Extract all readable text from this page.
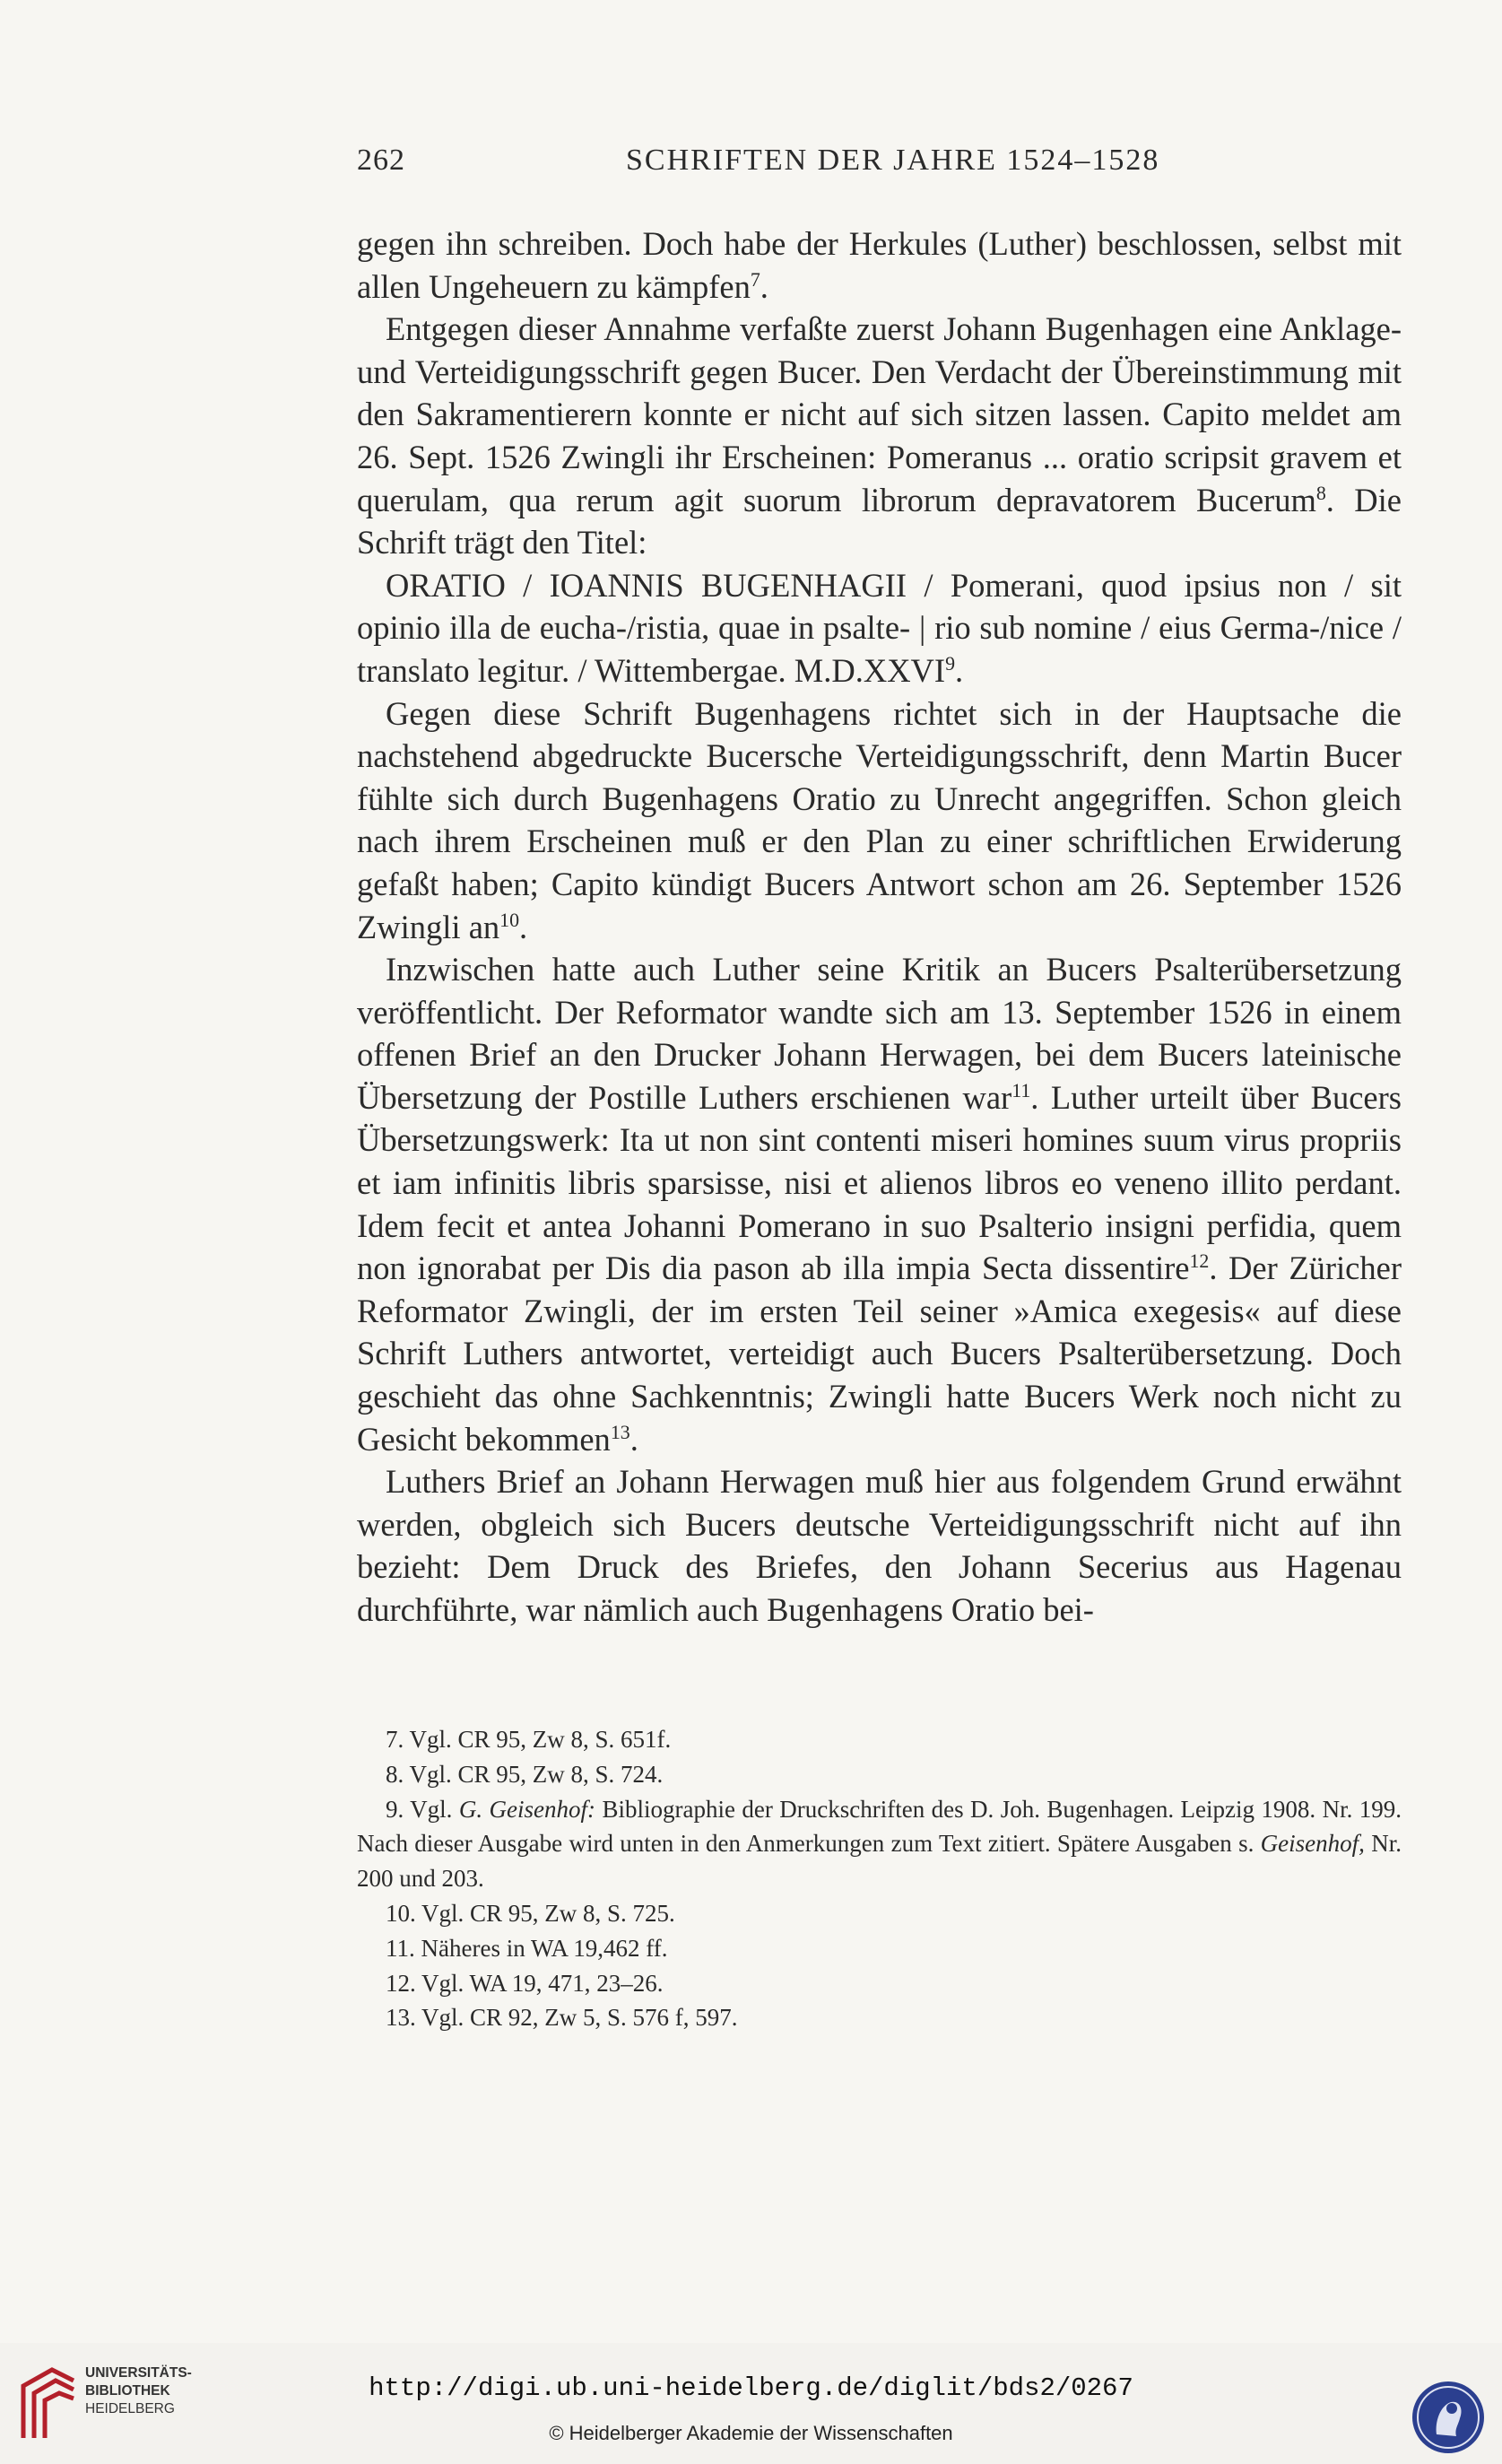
262	SCHRIFTEN DER JAHRE 1524–1528

gegen ihn schreiben. Doch habe der Herkules (Luther) beschlossen, selbst mit allen Ungeheuern zu kämpfen$^7$.

Entgegen dieser Annahme verfaßte zuerst Johann Bugenhagen eine Anklage- und Verteidigungsschrift gegen Bucer. Den Verdacht der Übereinstimmung mit den Sakramentierern konnte er nicht auf sich sitzen lassen. Capito meldet am 26. Sept. 1526 Zwingli ihr Erscheinen: Pomeranus ... oratio scripsit gravem et querulam, qua rerum agit suorum librorum depravatorem Bucerum$^8$. Die Schrift trägt den Titel:

ORATIO / IOANNIS BUGENHAGII / Pomerani, quod ipsius non / sit opinio illa de eucha-/ristia, quae in psalte- | rio sub nomine / eius Germa-/nice / translato legitur. / Wittembergae. M.D.XXVI$^9$.

Gegen diese Schrift Bugenhagens richtet sich in der Hauptsache die nachstehend abgedruckte Bucersche Verteidigungsschrift, denn Martin Bucer fühlte sich durch Bugenhagens Oratio zu Unrecht angegriffen. Schon gleich nach ihrem Erscheinen muß er den Plan zu einer schriftlichen Erwiderung gefaßt haben; Capito kündigt Bucers Antwort schon am 26. September 1526 Zwingli $an^{10}$.

Inzwischen hatte auch Luther seine Kritik an Bucers Psalterübersetzung veröffentlicht. Der Reformator wandte sich am 13. September 1526 in einem offenen Brief an den Drucker Johann Herwagen, bei dem Bucers lateinische Übersetzung der Postille Luthers erschienen war$^{11}$. Luther urteilt über Bucers Übersetzungswerk: Ita ut non sint contenti miseri homines suum virus propriis et iam infinitis libris sparsisse, nisi et alienos libros eo veneno illito perdant. Idem fecit et antea Johanni Pomerano in suo Psalterio insigni perfidia, quem non ignorabat per Dis dia pason ab illa impia Secta dissentire$^{12}$. Der Züricher Reformator Zwingli, der im ersten Teil seiner »Amica exegesis« auf diese Schrift Luthers antwortet, verteidigt auch Bucers Psalterübersetzung. Doch geschieht das ohne Sachkenntnis; Zwingli hatte Bucers Werk noch nicht zu Gesicht bekommen$^{13}$.

Luthers Brief an Johann Herwagen muß hier aus folgendem Grund erwähnt werden, obgleich sich Bucers deutsche Verteidigungsschrift nicht auf ihn bezieht: Dem Druck des Briefes, den Johann Secerius aus Hagenau durchführte, war nämlich auch Bugenhagens Oratio bei-

7. Vgl. CR 95, Zw 8, S. 651f.

8. Vgl. CR 95, Zw 8, S. 724.

9. Vgl. G. Geisenhof: Bibliographie der Druckschriften des D. Joh. Bugenhagen. Leipzig 1908. Nr. 199. Nach dieser Ausgabe wird unten in den Anmerkungen zum Text zitiert. Spätere Ausgaben s. Geisenhof, Nr. 200 und 203.

10. Vgl. CR 95, Zw 8, S. 725.

11. Näheres in WA 19,462 ff.

12. Vgl. WA 19, 471, 23–26.

13. Vgl. CR 92, Zw 5, S. 576 f, 597.

UNIVERSITÄTS-
BIBLIOTHEK
HEIDELBERG
http://digi.ub.uni-heidelberg.de/diglit/bds2/0267
© Heidelberger Akademie der Wissenschaften
